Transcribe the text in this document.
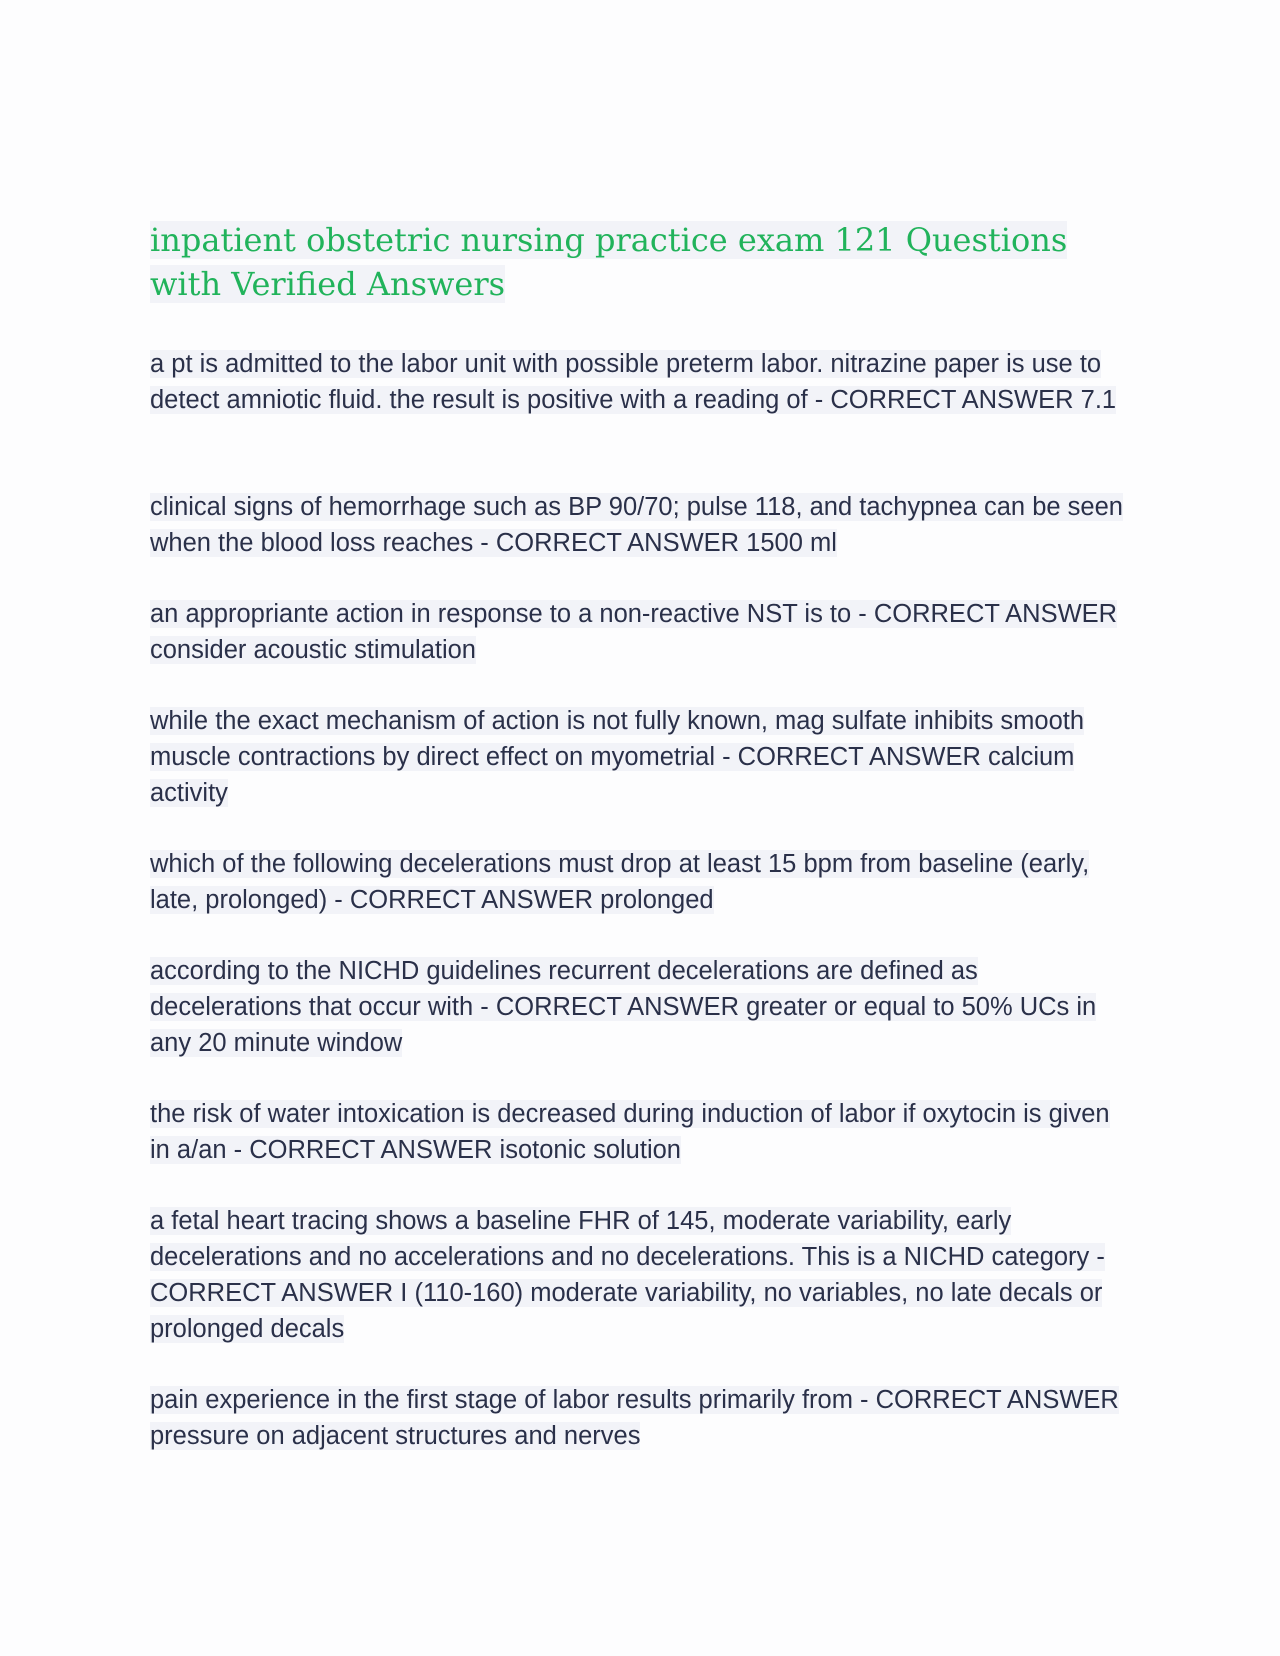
inpatient obstetric nursing practice exam 121 Questions with Verified Answers

a pt is admitted to the labor unit with possible preterm labor. nitrazine paper is use to detect amniotic fluid. the result is positive with a reading of - CORRECT ANSWER 7.1

clinical signs of hemorrhage such as BP 90/70; pulse 118, and tachypnea can be seen when the blood loss reaches - CORRECT ANSWER 1500 ml

an appropriante action in response to a non-reactive NST is to - CORRECT ANSWER consider acoustic stimulation

while the exact mechanism of action is not fully known, mag sulfate inhibits smooth muscle contractions by direct effect on myometrial - CORRECT ANSWER calcium activity

which of the following decelerations must drop at least 15 bpm from baseline (early, late, prolonged) - CORRECT ANSWER prolonged

according to the NICHD guidelines recurrent decelerations are defined as decelerations that occur with - CORRECT ANSWER greater or equal to 50% UCs in any 20 minute window

the risk of water intoxication is decreased during induction of labor if oxytocin is given in a/an - CORRECT ANSWER isotonic solution

a fetal heart tracing shows a baseline FHR of 145, moderate variability, early decelerations and no accelerations and no decelerations. This is a NICHD category - CORRECT ANSWER I (110-160) moderate variability, no variables, no late decals or prolonged decals

pain experience in the first stage of labor results primarily from - CORRECT ANSWER pressure on adjacent structures and nerves
